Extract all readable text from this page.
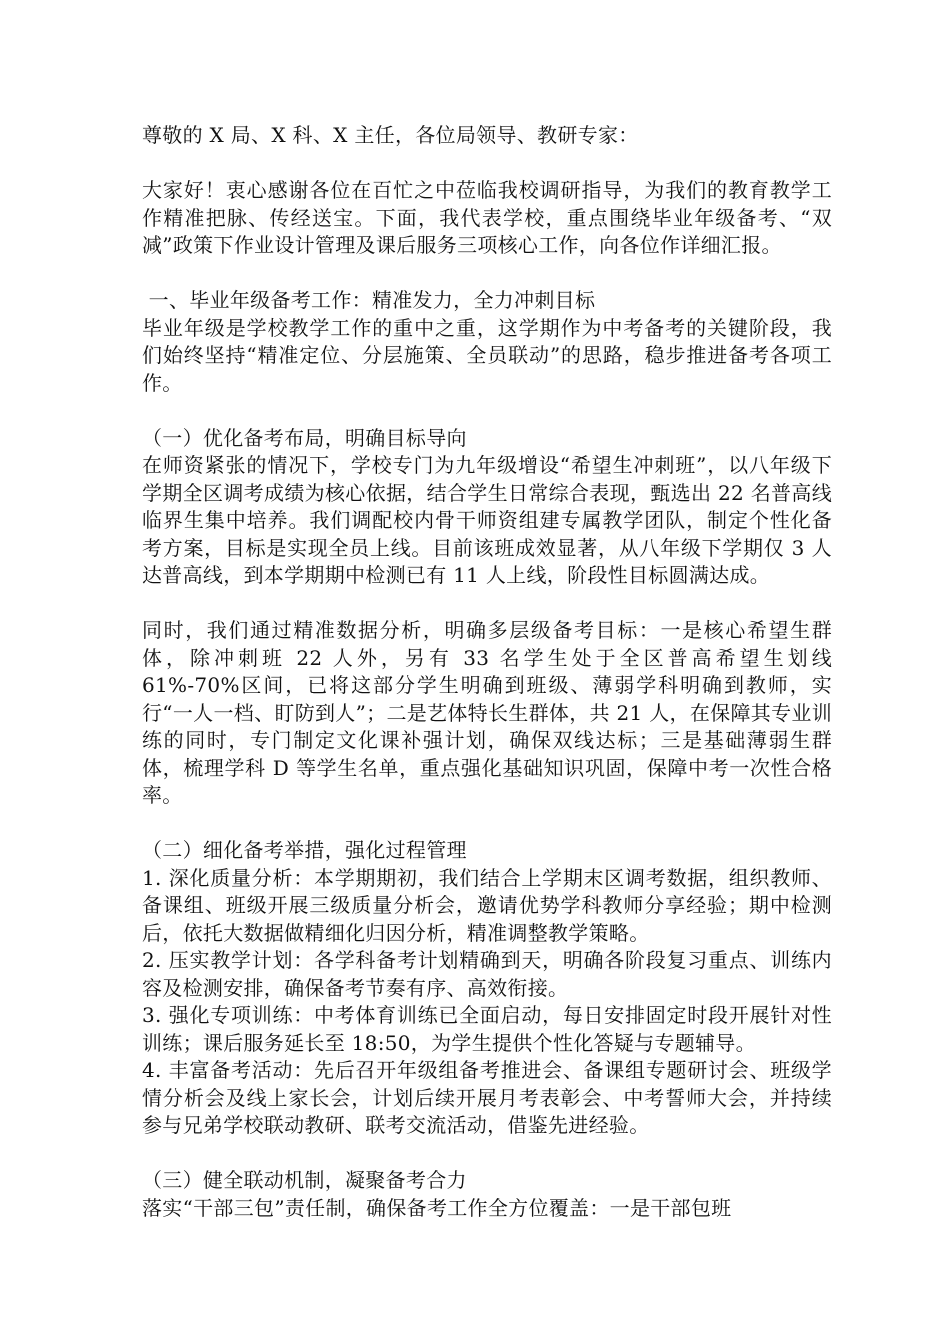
尊敬的 X 局、X 科、X 主任，各位局领导、教研专家：

大家好！衷心感谢各位在百忙之中莅临我校调研指导，为我们的教育教学工作精准把脉、传经送宝。下面，我代表学校，重点围绕毕业年级备考、“双减”政策下作业设计管理及课后服务三项核心工作，向各位作详细汇报。

一、毕业年级备考工作：精准发力，全力冲刺目标

毕业年级是学校教学工作的重中之重，这学期作为中考备考的关键阶段，我们始终坚持“精准定位、分层施策、全员联动”的思路，稳步推进备考各项工作。

（一）优化备考布局，明确目标导向

在师资紧张的情况下，学校专门为九年级增设“希望生冲刺班”，以八年级下学期全区调考成绩为核心依据，结合学生日常综合表现，甄选出 22 名普高线临界生集中培养。我们调配校内骨干师资组建专属教学团队，制定个性化备考方案，目标是实现全员上线。目前该班成效显著，从八年级下学期仅 3 人达普高线，到本学期期中检测已有 11 人上线，阶段性目标圆满达成。

同时，我们通过精准数据分析，明确多层级备考目标：一是核心希望生群体，除冲刺班 22 人外，另有 33 名学生处于全区普高希望生划线 61%-70%区间，已将这部分学生明确到班级、薄弱学科明确到教师，实行“一人一档、盯防到人”；二是艺体特长生群体，共 21 人，在保障其专业训练的同时，专门制定文化课补强计划，确保双线达标；三是基础薄弱生群体，梳理学科 D 等学生名单，重点强化基础知识巩固，保障中考一次性合格率。

（二）细化备考举措，强化过程管理

1. 深化质量分析：本学期期初，我们结合上学期末区调考数据，组织教师、备课组、班级开展三级质量分析会，邀请优势学科教师分享经验；期中检测后，依托大数据做精细化归因分析，精准调整教学策略。

2. 压实教学计划：各学科备考计划精确到天，明确各阶段复习重点、训练内容及检测安排，确保备考节奏有序、高效衔接。

3. 强化专项训练：中考体育训练已全面启动，每日安排固定时段开展针对性训练；课后服务延长至 18:50，为学生提供个性化答疑与专题辅导。

4. 丰富备考活动：先后召开年级组备考推进会、备课组专题研讨会、班级学情分析会及线上家长会，计划后续开展月考表彰会、中考誓师大会，并持续参与兄弟学校联动教研、联考交流活动，借鉴先进经验。

（三）健全联动机制，凝聚备考合力

落实“干部三包”责任制，确保备考工作全方位覆盖：一是干部包班
